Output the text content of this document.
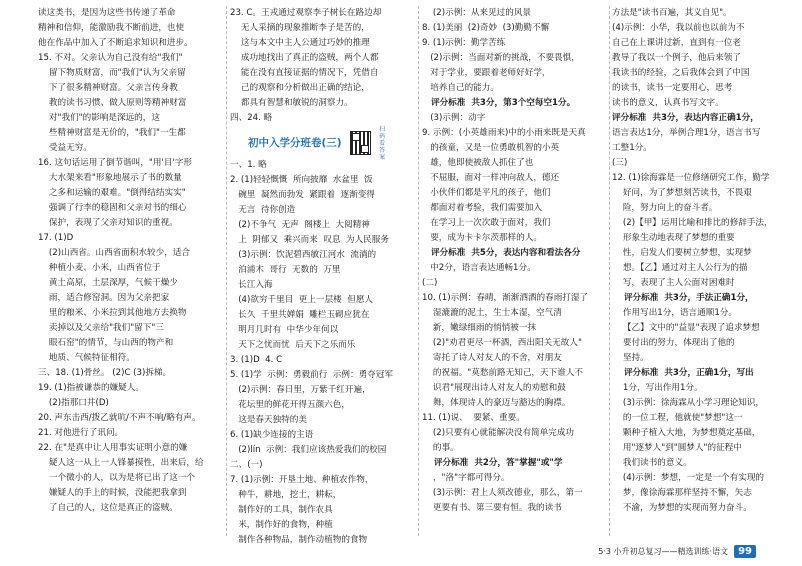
读这类书，是因为这些书传递了革命
精神和信仰，能激励我不断前进，也使
他在作品中加入了不断追求知识和进步。
15. 不对。父亲认为自己没有给"我们"
留下物质财富，而"我们"认为父亲留
下了很多精神财富。父亲言传身教
教的读书习惯、做人原则等精神财富
对"我们"的影响是深远的，这
些精神财富是无价的，"我们"一生都
受益无穷。
16. 这句话运用了倒节谐叫，"用'目'字形
大水架来看"形象地展示了书的数量
之多和运输的艰难。"倒得结结实实"
强调了行李的稳固和父亲对书的细心
保护，表现了父亲对知识的重视。
17. (1)D
(2)山西省。山西省面积水较少，适合
种植小麦、小米，山西省位于
黄土高原，土层深厚，气候干燥少
雨，适合修窑洞。因为父亲把家
里的粮米、小米拉到其他地方去换物
卖掉以及父亲给"我们"留下"三
眼石窑"的情节，与山西的物产和
地质、气候特征相符。
三、18. (1)骨丝。 (2)C (3)拆梯。
19. (1)指被谦恭的嫌疑人。
(2)指那口井(D)
20. 声东击西/拨乙就吭/不声不响/略有声。
21. 对他进行了讯问。
22. 在"是真中让人用事实证明小意的嫌
疑人这一从上一人锋暴摸性，出来后，给
一个微小的人，以为是将已出了这一个
嫌疑人的手上的时候，没能把我拿到
了自己的人，这位是真正的盗贼。
23. C。王戎通过观察李子树长在路边却
无人采摘的现象推断李子是苦的，
这与本文中主人公通过巧妙的推理
成功地找出了真正的盗贼，两个人都
能在没有直接证据的情况下，凭借自
己的观察和分析做出正确的结论，
都具有智慧和敏锐的洞察力。
四、24. 略
初中入学分班卷(三)
扫码看答案
一、1. 略
2. (1)轻轻慨慨  所向披靡  水盆里  饭
碗里  凝然而勃发  紧跟着  逐渐变得
无言  待你创造
(2)不争气  无声  阁楼上  大阅精神
上  阴郁又  乘兴而来  叹息  为人民服务
(3)示例：饮泥碧西敏江河水  流淌的
泊浦木  哥行  无数的  万里
长江入海
(4)欲穷千里目  更上一层楼  但愿人
长久  千里共婵娟  雕栏玉砌应犹在
明月几时有  中华少年何以
天下之忧而忧  后天下之乐而乐
3. (1)D  4. C
5. (1)学  示例：勇毅前行  示例：勇夺冠军
(2)示例：春日里，万紫千红开遍，
花坛里的鲜花开得五颜六色，
这是春天独特的美
6. (1)缺少连接的主语
(2)lín  示例：我们应该热爱我们的校园
二、(一)
7. (1)示例：开垦土地、种植农作物，
种牛，耕地，挖土，耕耘，
制作好的工具，制作农具
米，制作好的食物，种植
制作各种物品，制作动植物的食物
(2)示例：从来见过的风景
8. (1)美丽  (2)奇妙  (3)勤勤不懈
9. (1)示例：勤学苦练
(2)示例：当面对新的挑战，不要畏惧，
对于学业，要跟着老师好好学，
培养自己的能力。
评分标准  共3分，第3个空每空1分。
(3)示例：动字
9. 示例：(小英雄雨来)中的小雨来既是天真
的孩童，又是一位勇敢机智的小英
雄，他即使被敌人抓住了也
不屈服，面对一样冲向敌人，德还
小伙伴们都是平凡的孩子，他们
都面对着考验，我们需要加入
在学习上一次次敢于面对，我们
要，成为卡卡尔茨那样的人。
评分标准  共5分，表达内容和看法各分
中2分，语言表达通畅1分。
(二)
10. (1)示例：春晴，渐渐洒酒的春雨打湿了
湿漉漉的泥土，生士本湿，空气清
新，嫩绿细雨的悄悄被一抹
(2)"劝君更尽一杯酒，西出阳关无故人"
寄托了诗人对友人的不舍，对朋友
的祝福。"莫愁前路无知己，天下谁人不
识君"展现出诗人对友人的劝慰和鼓
舞，体现诗人的豪迈与豁达的胸襟。
11. (1)说、  要紧、重要。
(2)只要有心就能解决没有简单完成功
的事。
评分标准  共2分，答"掌握"或"学
，"洛"字都可得分。
(3)示例：君上人须改德业，那么，第一
更要有书、第三要有恒。我的读书
方法是"读书百遍，其义自见"。
(4)示例：小华，我以前也以前为不
自己在上课讲过新，直到有一位老
教导了我以一个例子，他后来领了
我读书的经验，之后我体会到了中国
的读书，读书一定要用心，思考
读书的意义，认真书写文字。
评分标准  共3分，表达内容正确1分，
语言表达1分，举例合理1分，语言书写
工整1分。
(三)
12. (1)徐海霖是一位修缮研究工作，勤学
好问，为了梦想刻苦读书，不畏艰
险，努力向上的奋斗者。
(2)【甲】运用比喻和排比的修辞手法，
形象生动地表现了梦想的重要
性，启发人们要树立梦想，实现梦
想。【乙】通过对主人公行为的描
写，表现了主人公面对困难时
评分标准  共3分，手法正确1分，
作用写出1分，语言通顺1分。
【乙】文中的"益显"表现了追求梦想
要付出的努力，体现出了他的
坚持。
评分标准  共3分，正确1分，写出
1分，写出作用1分。
(3)示例：徐海霖从小学习理论知识，
的一位工程，他就使"梦想"这一
颗种子植入大地，为梦想奠定基础，
用"逐梦人"到"圆梦人"的征程中
我们读书的意义。
(4)示例：梦想，一定是一个有实现的
梦，像徐海霖那样坚持不懈，矢志
不渝，为梦想的实现而努力奋斗。
5·3 小升初总复习——精选训练·语文	99
